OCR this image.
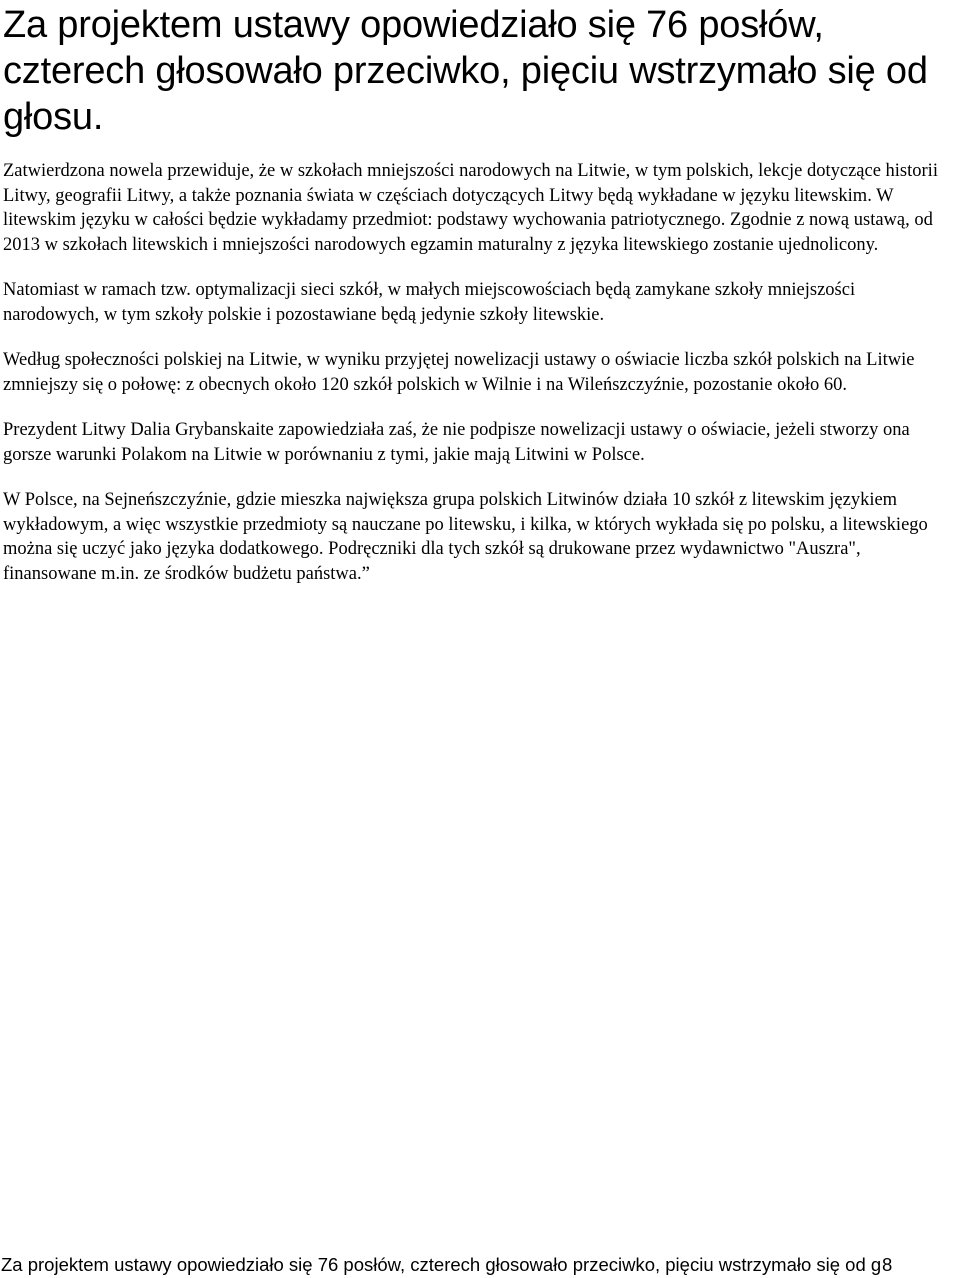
Za projektem ustawy opowiedziało się 76 posłów, czterech głosowało przeciwko, pięciu wstrzymało się od głosu.

Zatwierdzona nowela przewiduje, że w szkołach mniejszości narodowych na Litwie, w tym polskich, lekcje dotyczące historii Litwy, geografii Litwy, a także poznania świata w częściach dotyczących Litwy będą wykładane w języku litewskim. W litewskim języku w całości będzie wykładamy przedmiot: podstawy wychowania patriotycznego. Zgodnie z nową ustawą, od 2013 w szkołach litewskich i mniejszości narodowych egzamin maturalny z języka litewskiego zostanie ujednolicony.

Natomiast w ramach tzw. optymalizacji sieci szkół, w małych miejscowościach będą zamykane szkoły mniejszości narodowych, w tym szkoły polskie i pozostawiane będą jedynie szkoły litewskie.

Według społeczności polskiej na Litwie, w wyniku przyjętej nowelizacji ustawy o oświacie liczba szkół polskich na Litwie zmniejszy się o połowę: z obecnych około 120 szkół polskich w Wilnie i na Wileńszczyźnie, pozostanie około 60.

Prezydent Litwy Dalia Grybanskaite zapowiedziała zaś, że nie podpisze nowelizacji ustawy o oświacie, jeżeli stworzy ona gorsze warunki Polakom na Litwie w porównaniu z tymi, jakie mają Litwini w Polsce.

W Polsce, na Sejneńszczyźnie, gdzie mieszka największa grupa polskich Litwinów działa 10 szkół z litewskim językiem wykładowym, a więc wszystkie przedmioty są nauczane po litewsku, i kilka, w których wykłada się po polsku, a litewskiego można się uczyć jako języka dodatkowego. Podręczniki dla tych szkół są drukowane przez wydawnictwo "Auszra", finansowane m.in. ze środków budżetu państwa.”

Za projektem ustawy opowiedziało się 76 posłów, czterech głosowało przeciwko, pięciu wstrzymało się od g 8
